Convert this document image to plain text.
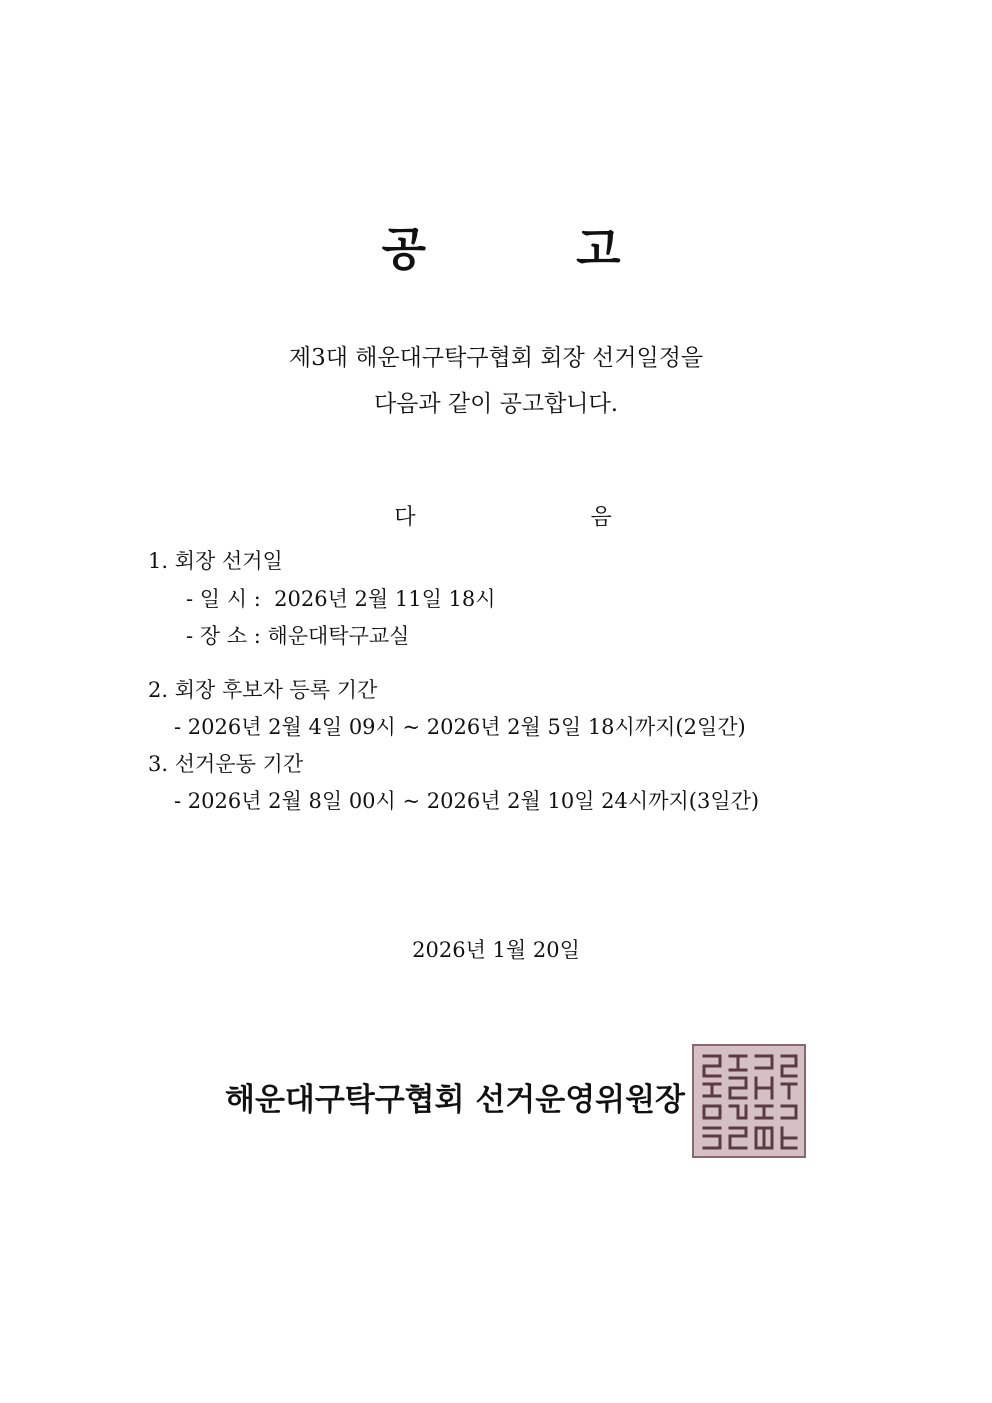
공	고

제3대 해운대구탁구협회 회장 선거일정을
다음과 같이 공고합니다.

다	음

1. 회장 선거일
- 일 시 :  2026년 2월 11일 18시
- 장 소 : 해운대탁구교실
2. 회장 후보자 등록 기간
- 2026년 2월 4일 09시 ~ 2026년 2월 5일 18시까지(2일간)
3. 선거운동 기간
- 2026년 2월 8일 00시 ~ 2026년 2월 10일 24시까지(3일간)
2026년 1월 20일
해운대구탁구협회 선거운영위원장
